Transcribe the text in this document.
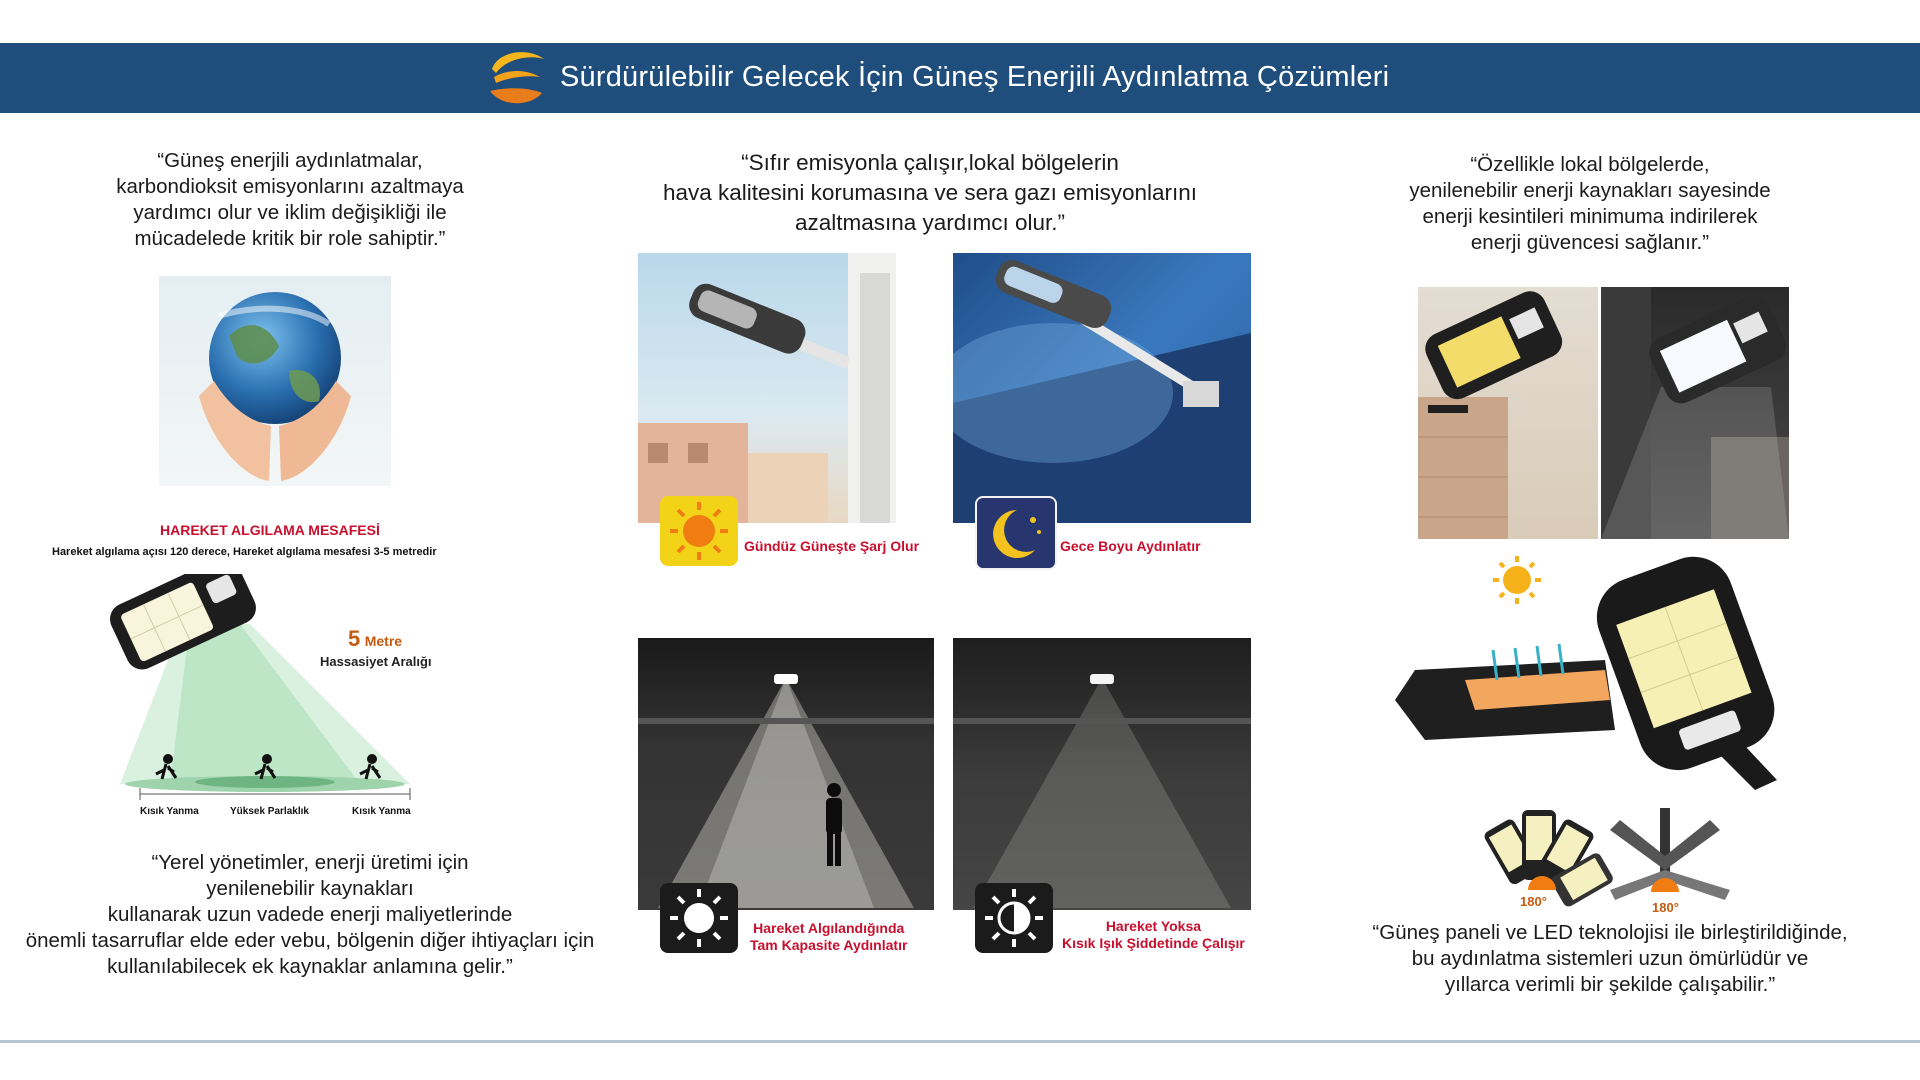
Sürdürülebilir Gelecek İçin Güneş Enerjili Aydınlatma Çözümleri
“Güneş enerjili aydınlatmalar,
karbondioksit emisyonlarını azaltmaya
yardımcı olur ve iklim değişikliği ile
mücadelede kritik bir role sahiptir.”
HAREKET ALGILAMA MESAFESİ
Hareket algılama açısı 120 derece, Hareket algılama mesafesi 3-5 metredir
5 Metre
Hassasiyet Aralığı
Kısık Yanma	Yüksek Parlaklık	Kısık Yanma
“Yerel yönetimler, enerji üretimi için
yenilenebilir kaynakları
kullanarak uzun vadede enerji maliyetlerinde
önemli tasarruflar elde eder vebu, bölgenin diğer ihtiyaçları için
kullanılabilecek ek kaynaklar anlamına gelir.”
“Sıfır emisyonla çalışır,lokal bölgelerin
hava kalitesini korumasına ve sera gazı emisyonlarını
azaltmasına yardımcı olur.”
Gündüz Güneşte Şarj Olur	Gece Boyu Aydınlatır
Hareket Algılandığında
Tam Kapasite Aydınlatır
Hareket Yoksa
Kısık Işık Şiddetinde Çalışır
“Özellikle lokal bölgelerde,
yenilenebilir enerji kaynakları sayesinde
enerji kesintileri minimuma indirilerek
enerji güvencesi sağlanır.”
180°	180°
“Güneş paneli ve LED teknolojisi ile birleştirildiğinde,
bu aydınlatma sistemleri uzun ömürlüdür ve
yıllarca verimli bir şekilde çalışabilir.”
